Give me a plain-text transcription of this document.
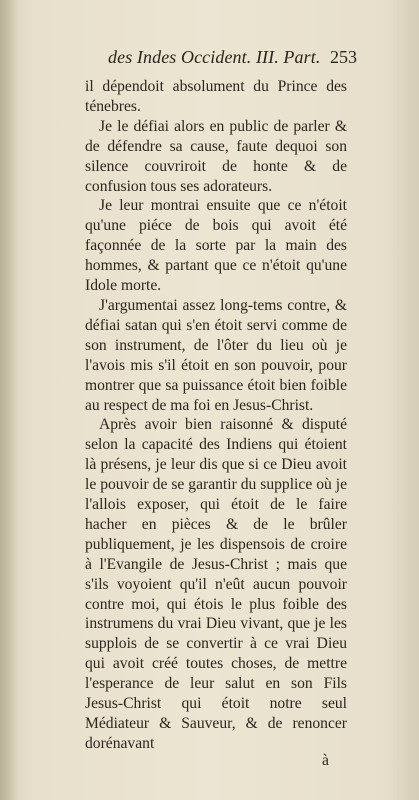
des Indes Occident. III. Part. 253

il dépendoit absolument du Prince des ténebres.

Je le défiai alors en public de parler & de défendre sa cause, faute dequoi son silence couvriroit de honte & de confusion tous ses adorateurs.

Je leur montrai ensuite que ce n'étoit qu'une piéce de bois qui avoit été façonnée de la sorte par la main des hommes, & partant que ce n'étoit qu'une Idole morte.

J'argumentai assez long-tems contre, & défiai satan qui s'en étoit servi comme de son instrument, de l'ôter du lieu où je l'avois mis s'il étoit en son pouvoir, pour montrer que sa puissance étoit bien foible au respect de ma foi en Jesus-Christ.

Après avoir bien raisonné & disputé selon la capacité des Indiens qui étoient là présens, je leur dis que si ce Dieu avoit le pouvoir de se garantir du supplice où je l'allois exposer, qui étoit de le faire hacher en pièces & de le brûler publiquement, je les dispensois de croire à l'Evangile de Jesus-Christ ; mais que s'ils voyoient qu'il n'eût aucun pouvoir contre moi, qui étois le plus foible des instrumens du vrai Dieu vivant, que je les supplois de se convertir à ce vrai Dieu qui avoit créé toutes choses, de mettre l'esperance de leur salut en son Fils Jesus-Christ qui étoit notre seul Médiateur & Sauveur, & de renoncer dorénavant

à
